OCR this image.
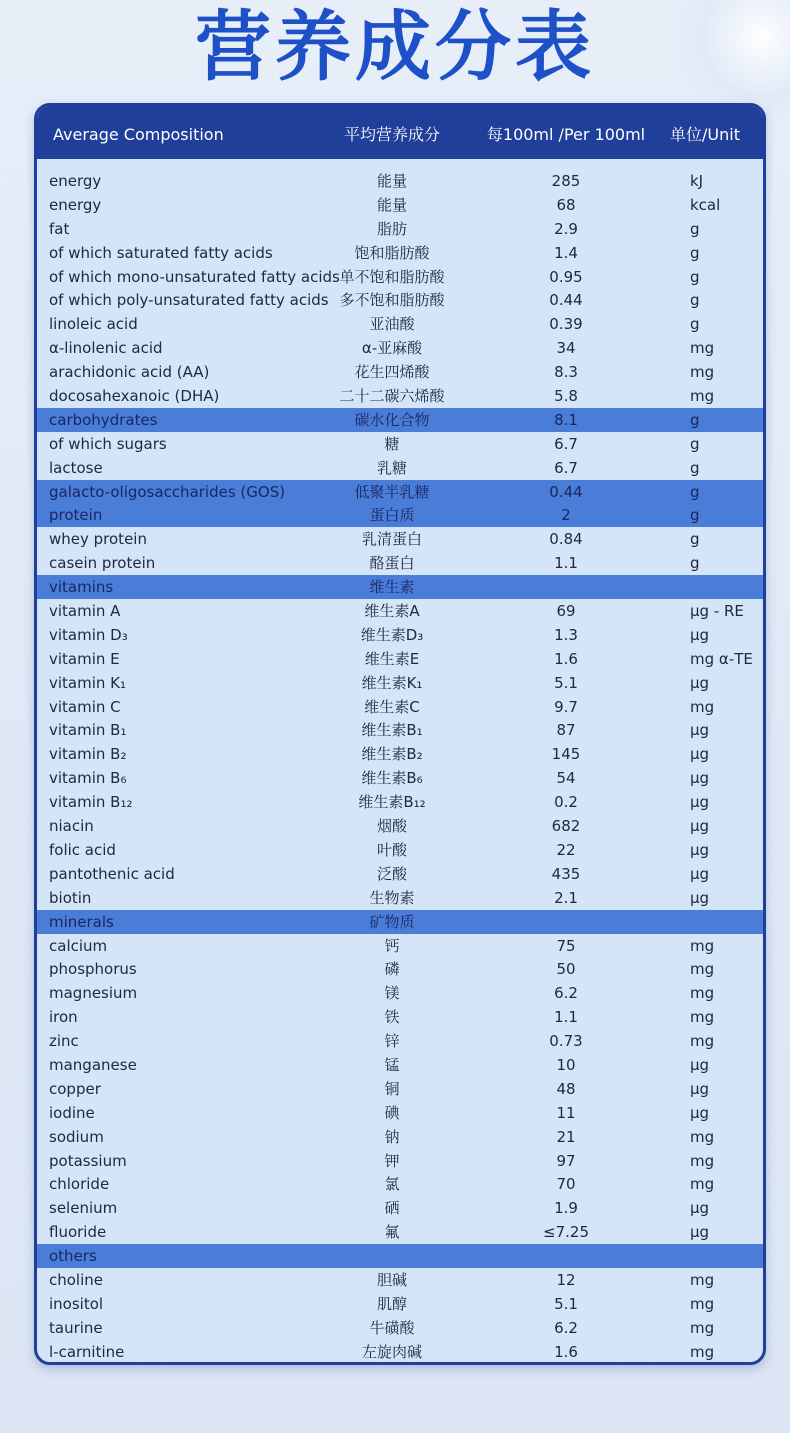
营养成分表
Average Composition	平均营养成分	每100ml /Per 100ml	单位/Unit
energy	能量	285	kJ
energy	能量	68	kcal
fat	脂肪	2.9	g
of which saturated fatty acids	饱和脂肪酸	1.4	g
of which mono-unsaturated fatty acids 单不饱和脂肪酸	0.95	g
of which poly-unsaturated fatty acids 多不饱和脂肪酸	0.44	g
linoleic acid	亚油酸	0.39	g
α-linolenic acid	α-亚麻酸	34	mg
arachidonic acid (AA)	花生四烯酸	8.3	mg
docosahexanoic (DHA)	二十二碳六烯酸	5.8	mg
carbohydrates	碳水化合物	8.1	g
of which sugars	糖	6.7	g
lactose	乳糖	6.7	g
galacto-oligosaccharides (GOS)	低聚半乳糖	0.44	g
protein	蛋白质	2	g
whey protein	乳清蛋白	0.84	g
casein protein	酪蛋白	1.1	g
vitamins	维生素
vitamin A	维生素A	69	µg - RE
vitamin D₃	维生素D₃	1.3	µg
vitamin E	维生素E	1.6	mg α-TE
vitamin K₁	维生素K₁	5.1	µg
vitamin C	维生素C	9.7	mg
vitamin B₁	维生素B₁	87	µg
vitamin B₂	维生素B₂	145	µg
vitamin B₆	维生素B₆	54	µg
vitamin B₁₂	维生素B₁₂	0.2	µg
niacin	烟酸	682	µg
folic acid	叶酸	22	µg
pantothenic acid	泛酸	435	µg
biotin	生物素	2.1	µg
minerals	矿物质
calcium	钙	75	mg
phosphorus	磷	50	mg
magnesium	镁	6.2	mg
iron	铁	1.1	mg
zinc	锌	0.73	mg
manganese	锰	10	µg
copper	铜	48	µg
iodine	碘	11	µg
sodium	钠	21	mg
potassium	钾	97	mg
chloride	氯	70	mg
selenium	硒	1.9	µg
fluoride	氟	≤7.25	µg
others
choline	胆碱	12	mg
inositol	肌醇	5.1	mg
taurine	牛磺酸	6.2	mg
l-carnitine	左旋肉碱	1.6	mg
